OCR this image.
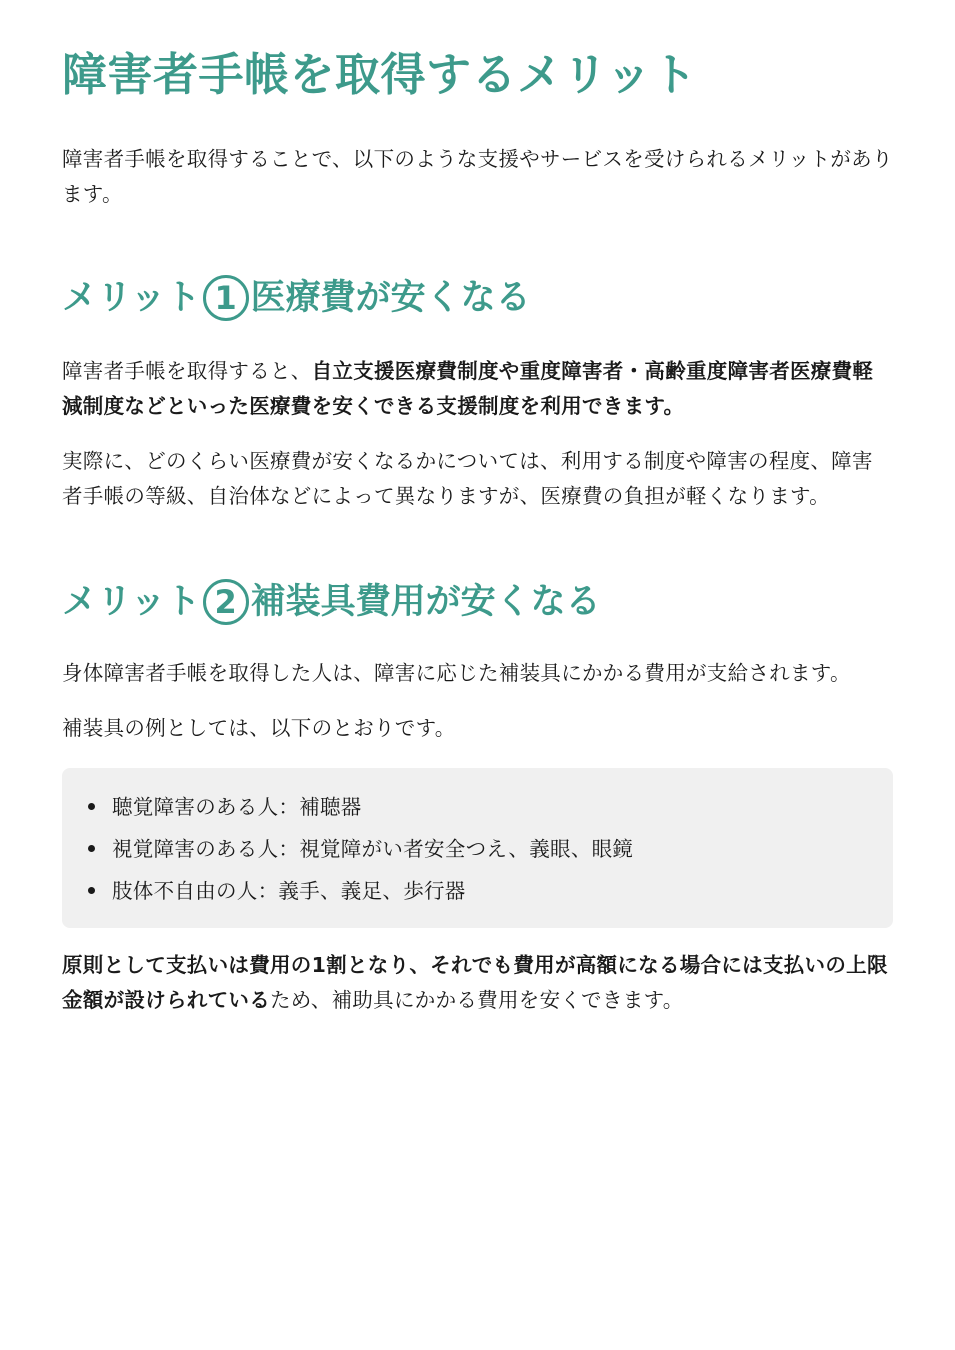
障害者手帳を取得するメリット

障害者手帳を取得することで、以下のような支援やサービスを受けられるメリットがあります。

メリット 1 医療費が安くなる

障害者手帳を取得すると、自立支援医療費制度や重度障害者・高齢重度障害者医療費軽減制度などといった医療費を安くできる支援制度を利用できます。

実際に、どのくらい医療費が安くなるかについては、利用する制度や障害の程度、障害者手帳の等級、自治体などによって異なりますが、医療費の負担が軽くなります。

メリット 2 補装具費用が安くなる

身体障害者手帳を取得した人は、障害に応じた補装具にかかる費用が支給されます。

補装具の例としては、以下のとおりです。

聴覚障害のある人：補聴器
視覚障害のある人：視覚障がい者安全つえ、義眼、眼鏡
肢体不自由の人：義手、義足、歩行器

原則として支払いは費用の1割となり、それでも費用が高額になる場合には支払いの上限金額が設けられているため、補助具にかかる費用を安くできます。
